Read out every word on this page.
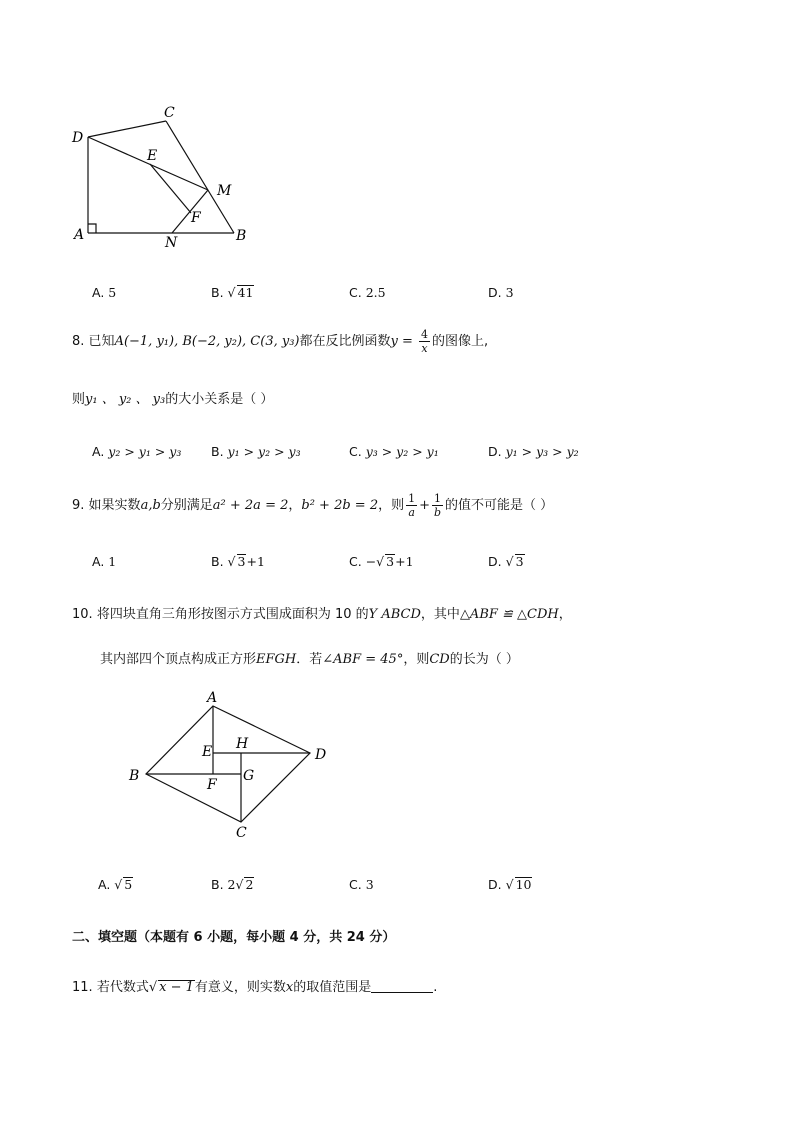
C
D
E
M
F
A	N	B
A. 5	B. √ 41	C. 2.5	D. 3
8. 已知A(−1, y₁), B(−2, y₂), C(3, y₃)都在反比例函数$y = \frac{4}{x}$ 的图像上,
则y₁ 、 y₂ 、 y₃的大小关系是（ ）
A. y₂ > y₁ > y₃ B. y₁ > y₂ > y₃	C. y₃ > y₂ > y₁	D. y₁ > y₃ > y₂
9. 如果实数a,b分别满足a² + 2a = 2，b² + 2b = 2，则 $\frac{1}{a} + \frac{1}{b}$ 的值不可能是（ ）
A. 1	B. √ 3+1	C. −√ 3+1	D. √ 3
10. 将四块直角三角形按图示方式围成面积为 10 的Y ABCD，其中△ABF ≌ △CDH，
其内部四个顶点构成正方形EFGH．若∠ABF = 45°，则CD的长为（ ）
A
E H
D
B	G
F
C
A. √ 5	B. 2√ 2	C. 3	D. √ 10
二、填空题（本题有 6 小题，每小题 4 分，共 24 分）
11. 若代数式√ x − 1有意义，则实数x的取值范围是	.
